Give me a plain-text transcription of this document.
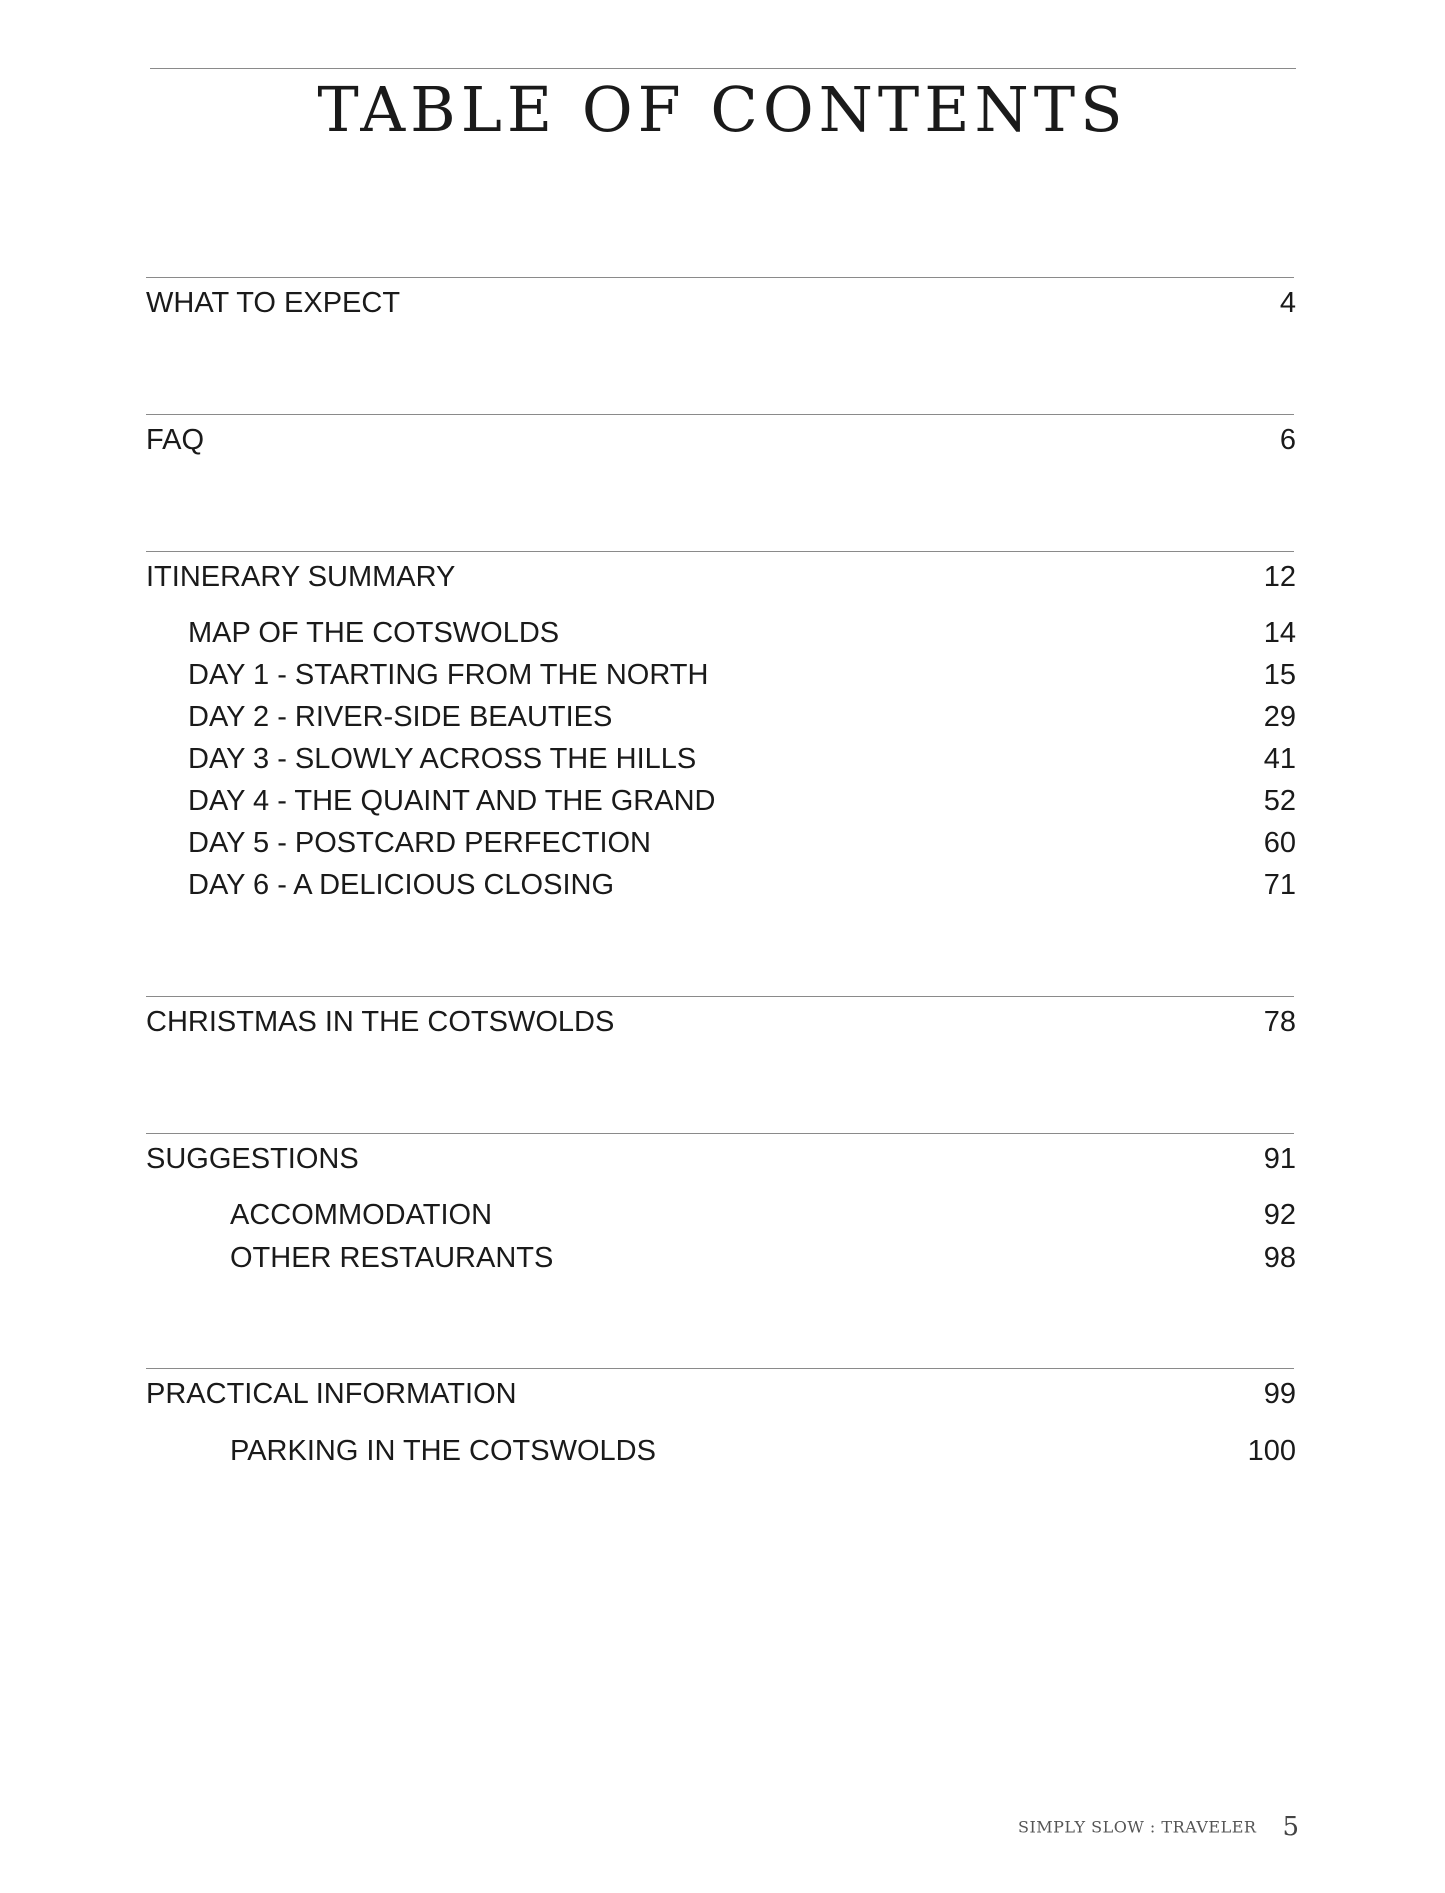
TABLE OF CONTENTS
WHAT TO EXPECT	4
FAQ	6
ITINERARY SUMMARY	12
MAP OF THE COTSWOLDS	14
DAY 1 - STARTING FROM THE NORTH	15
DAY 2 - RIVER-SIDE BEAUTIES	29
DAY 3 - SLOWLY ACROSS THE HILLS	41
DAY 4 - THE QUAINT AND THE GRAND	52
DAY 5 - POSTCARD PERFECTION	60
DAY 6 - A DELICIOUS CLOSING	71
CHRISTMAS IN THE COTSWOLDS	78
SUGGESTIONS	91
ACCOMMODATION	92
OTHER RESTAURANTS	98
PRACTICAL INFORMATION	99
PARKING IN THE COTSWOLDS	100
SIMPLY SLOW : TRAVELER 5
